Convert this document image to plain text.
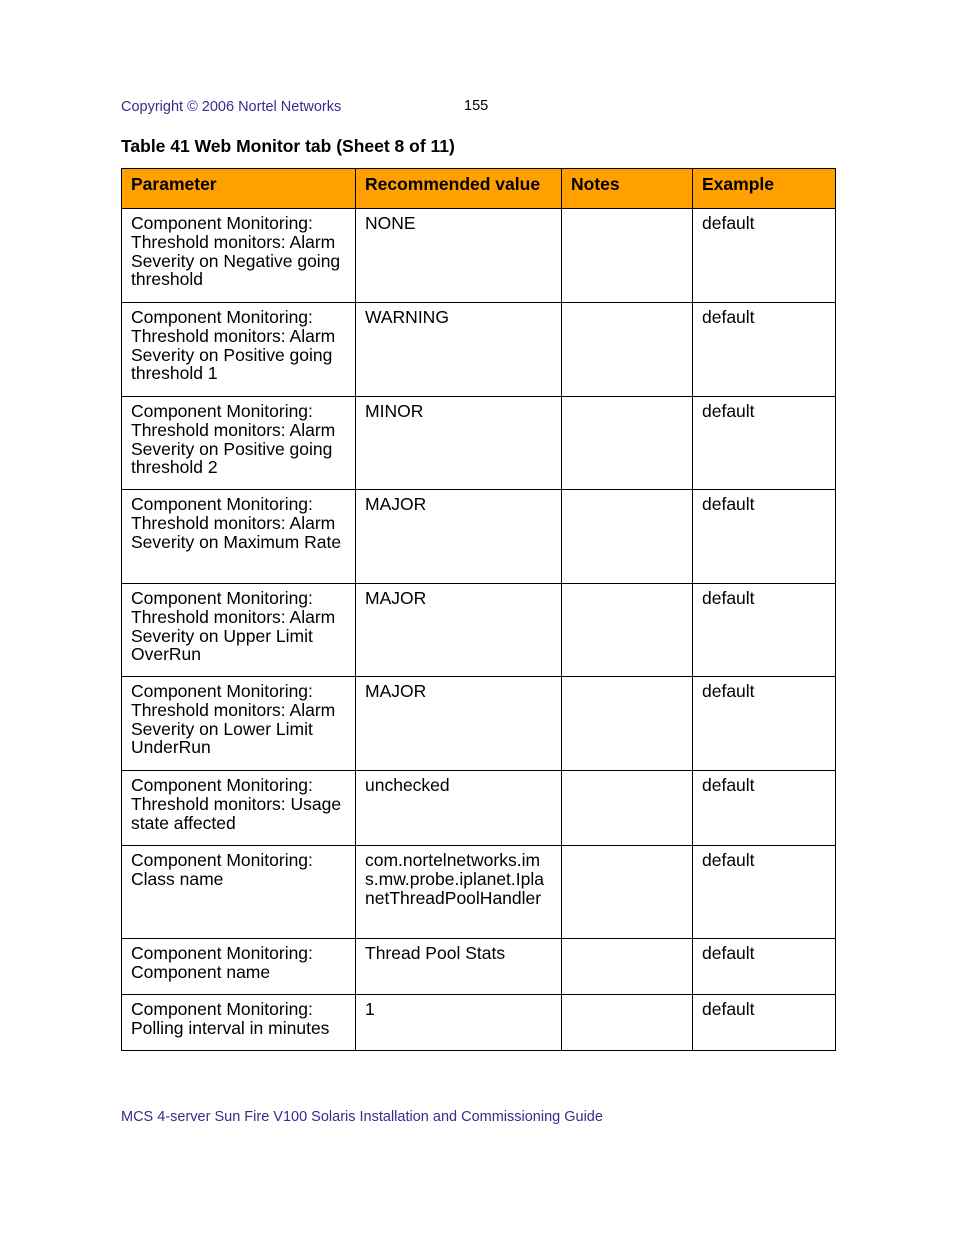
Copyright © 2006 Nortel Networks	155
Table 41 Web Monitor tab (Sheet 8 of 11)
Parameter	Recommended value	Notes	Example
Component Monitoring: Threshold monitors: Alarm Severity on Negative going threshold	NONE		default
Component Monitoring: Threshold monitors: Alarm Severity on Positive going threshold 1	WARNING		default
Component Monitoring: Threshold monitors: Alarm Severity on Positive going threshold 2	MINOR		default
Component Monitoring: Threshold monitors: Alarm Severity on Maximum Rate	MAJOR		default
Component Monitoring: Threshold monitors: Alarm Severity on Upper Limit OverRun	MAJOR		default
Component Monitoring: Threshold monitors: Alarm Severity on Lower Limit UnderRun	MAJOR		default
Component Monitoring: Threshold monitors: Usage state affected	unchecked		default
Component Monitoring: Class name	com.nortelnetworks.ims.mw.probe.iplanet.IplanetThreadPoolHandler		default
Component Monitoring: Component name	Thread Pool Stats		default
Component Monitoring: Polling interval in minutes	1		default
MCS 4-server Sun Fire V100 Solaris Installation and Commissioning Guide
